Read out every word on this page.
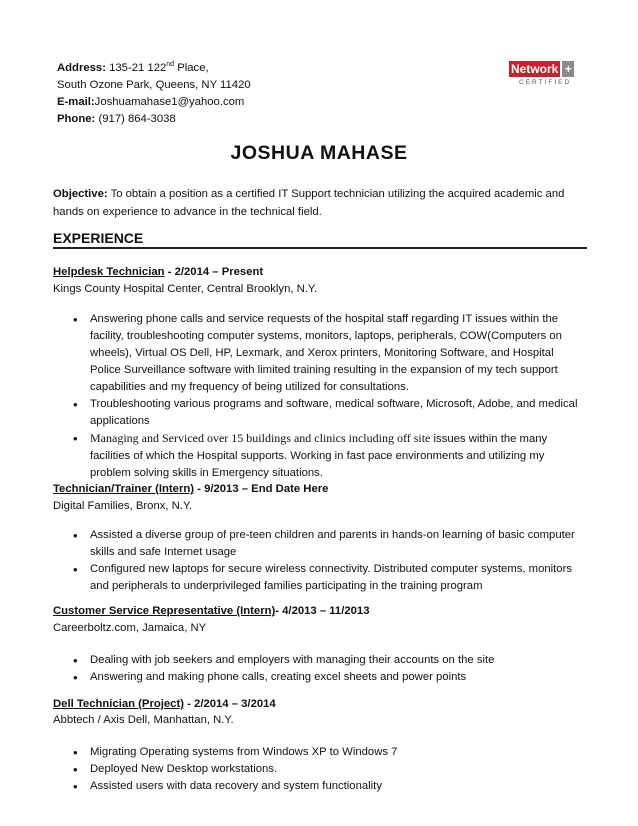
Address: 135-21 122nd Place,
South Ozone Park, Queens, NY 11420
E-mail:Joshuamahase1@yahoo.com
Phone: (917) 864-3038
Network +
CERTIFIED
JOSHUA MAHASE
Objective: To obtain a position as a certified IT Support technician utilizing the acquired academic and hands on experience to advance in the technical field.
EXPERIENCE
Helpdesk Technician - 2/2014 – Present
Kings County Hospital Center, Central Brooklyn, N.Y.
• Answering phone calls and service requests of the hospital staff regarding IT issues within the facility, troubleshooting computer systems, monitors, laptops, peripherals, COW(Computers on wheels), Virtual OS Dell, HP, Lexmark, and Xerox printers, Monitoring Software, and Hospital Police Surveillance software with limited training resulting in the expansion of my tech support capabilities and my frequency of being utilized for consultations.
• Troubleshooting various programs and software, medical software, Microsoft, Adobe, and medical applications
• Managing and Serviced over 15 buildings and clinics including off site issues within the many facilities of which the Hospital supports. Working in fast pace environments and utilizing my problem solving skills in Emergency situations.
Technician/Trainer (Intern) - 9/2013 – End Date Here
Digital Families, Bronx, N.Y.
• Assisted a diverse group of pre-teen children and parents in hands-on learning of basic computer skills and safe Internet usage
• Configured new laptops for secure wireless connectivity. Distributed computer systems, monitors and peripherals to underprivileged families participating in the training program
Customer Service Representative (Intern)- 4/2013 – 11/2013
Careerboltz.com, Jamaica, NY
• Dealing with job seekers and employers with managing their accounts on the site
• Answering and making phone calls, creating excel sheets and power points
Dell Technician (Project) - 2/2014 – 3/2014
Abbtech / Axis Dell, Manhattan, N.Y.
• Migrating Operating systems from Windows XP to Windows 7
• Deployed New Desktop workstations.
• Assisted users with data recovery and system functionality
